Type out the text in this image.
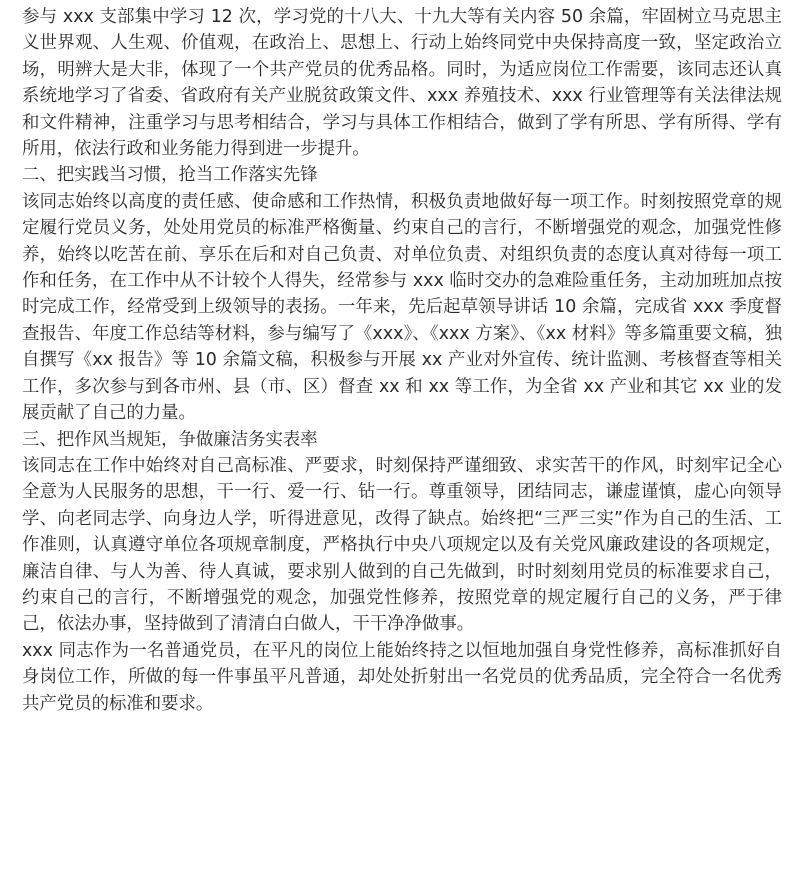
参与 xxx 支部集中学习 12 次，学习党的十八大、十九大等有关内容 50 余篇，牢固树立马克思主义世界观、人生观、价值观，在政治上、思想上、行动上始终同党中央保持高度一致，坚定政治立场，明辨大是大非，体现了一个共产党员的优秀品格。同时，为适应岗位工作需要，该同志还认真系统地学习了省委、省政府有关产业脱贫政策文件、xxx 养殖技术、xxx 行业管理等有关法律法规和文件精神，注重学习与思考相结合，学习与具体工作相结合，做到了学有所思、学有所得、学有所用，依法行政和业务能力得到进一步提升。

二、把实践当习惯，抢当工作落实先锋

该同志始终以高度的责任感、使命感和工作热情，积极负责地做好每一项工作。时刻按照党章的规定履行党员义务，处处用党员的标准严格衡量、约束自己的言行，不断增强党的观念，加强党性修养，始终以吃苦在前、享乐在后和对自己负责、对单位负责、对组织负责的态度认真对待每一项工作和任务，在工作中从不计较个人得失，经常参与 xxx 临时交办的急难险重任务，主动加班加点按时完成工作，经常受到上级领导的表扬。一年来，先后起草领导讲话 10 余篇，完成省 xxx 季度督查报告、年度工作总结等材料，参与编写了《xxx》、《xxx 方案》、《xx 材料》等多篇重要文稿，独自撰写《xx 报告》等 10 余篇文稿，积极参与开展 xx 产业对外宣传、统计监测、考核督查等相关工作，多次参与到各市州、县（市、区）督查 xx 和 xx 等工作，为全省 xx 产业和其它 xx 业的发展贡献了自己的力量。

三、把作风当规矩，争做廉洁务实表率

该同志在工作中始终对自己高标准、严要求，时刻保持严谨细致、求实苦干的作风，时刻牢记全心全意为人民服务的思想，干一行、爱一行、钻一行。尊重领导，团结同志，谦虚谨慎，虚心向领导学、向老同志学、向身边人学，听得进意见，改得了缺点。始终把“三严三实”作为自己的生活、工作准则，认真遵守单位各项规章制度，严格执行中央八项规定以及有关党风廉政建设的各项规定，廉洁自律、与人为善、待人真诚，要求别人做到的自己先做到，时时刻刻用党员的标准要求自己，约束自己的言行，不断增强党的观念，加强党性修养，按照党章的规定履行自己的义务，严于律己，依法办事，坚持做到了清清白白做人，干干净净做事。

xxx 同志作为一名普通党员，在平凡的岗位上能始终持之以恒地加强自身党性修养，高标准抓好自身岗位工作，所做的每一件事虽平凡普通，却处处折射出一名党员的优秀品质，完全符合一名优秀共产党员的标准和要求。
